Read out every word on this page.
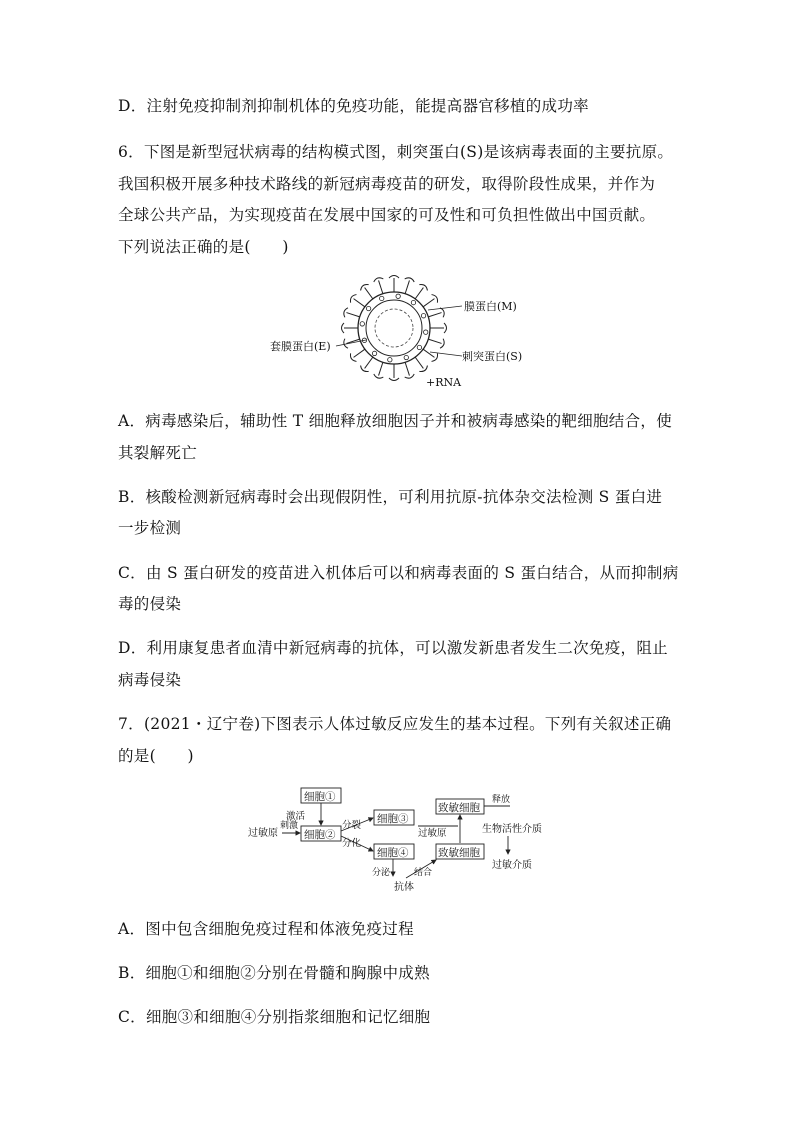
D．注射免疫抑制剂抑制机体的免疫功能，能提高器官移植的成功率
6．下图是新型冠状病毒的结构模式图，刺突蛋白(S)是该病毒表面的主要抗原。
我国积极开展多种技术路线的新冠病毒疫苗的研发，取得阶段性成果，并作为
全球公共产品，为实现疫苗在发展中国家的可及性和可负担性做出中国贡献。
下列说法正确的是(　　)
膜蛋白(M)
套膜蛋白(E)
刺突蛋白(S)
+RNA
A．病毒感染后，辅助性 T 细胞释放细胞因子并和被病毒感染的靶细胞结合，使
其裂解死亡
B．核酸检测新冠病毒时会出现假阴性，可利用抗原-抗体杂交法检测 S 蛋白进
一步检测
C．由 S 蛋白研发的疫苗进入机体后可以和病毒表面的 S 蛋白结合，从而抑制病
毒的侵染
D．利用康复患者血清中新冠病毒的抗体，可以激发新患者发生二次免疫，阻止
病毒侵染
7．(2021・辽宁卷)下图表示人体过敏反应发生的基本过程。下列有关叙述正确
的是(　　)
细胞①
细胞②
激活
过敏原
刺激
细胞③
细胞④
分裂
分化
分泌
抗体
结合
致敏细胞
致敏细胞
过敏原
释放
生物活性介质
过敏介质
A．图中包含细胞免疫过程和体液免疫过程
B．细胞①和细胞②分别在骨髓和胸腺中成熟
C．细胞③和细胞④分别指浆细胞和记忆细胞
